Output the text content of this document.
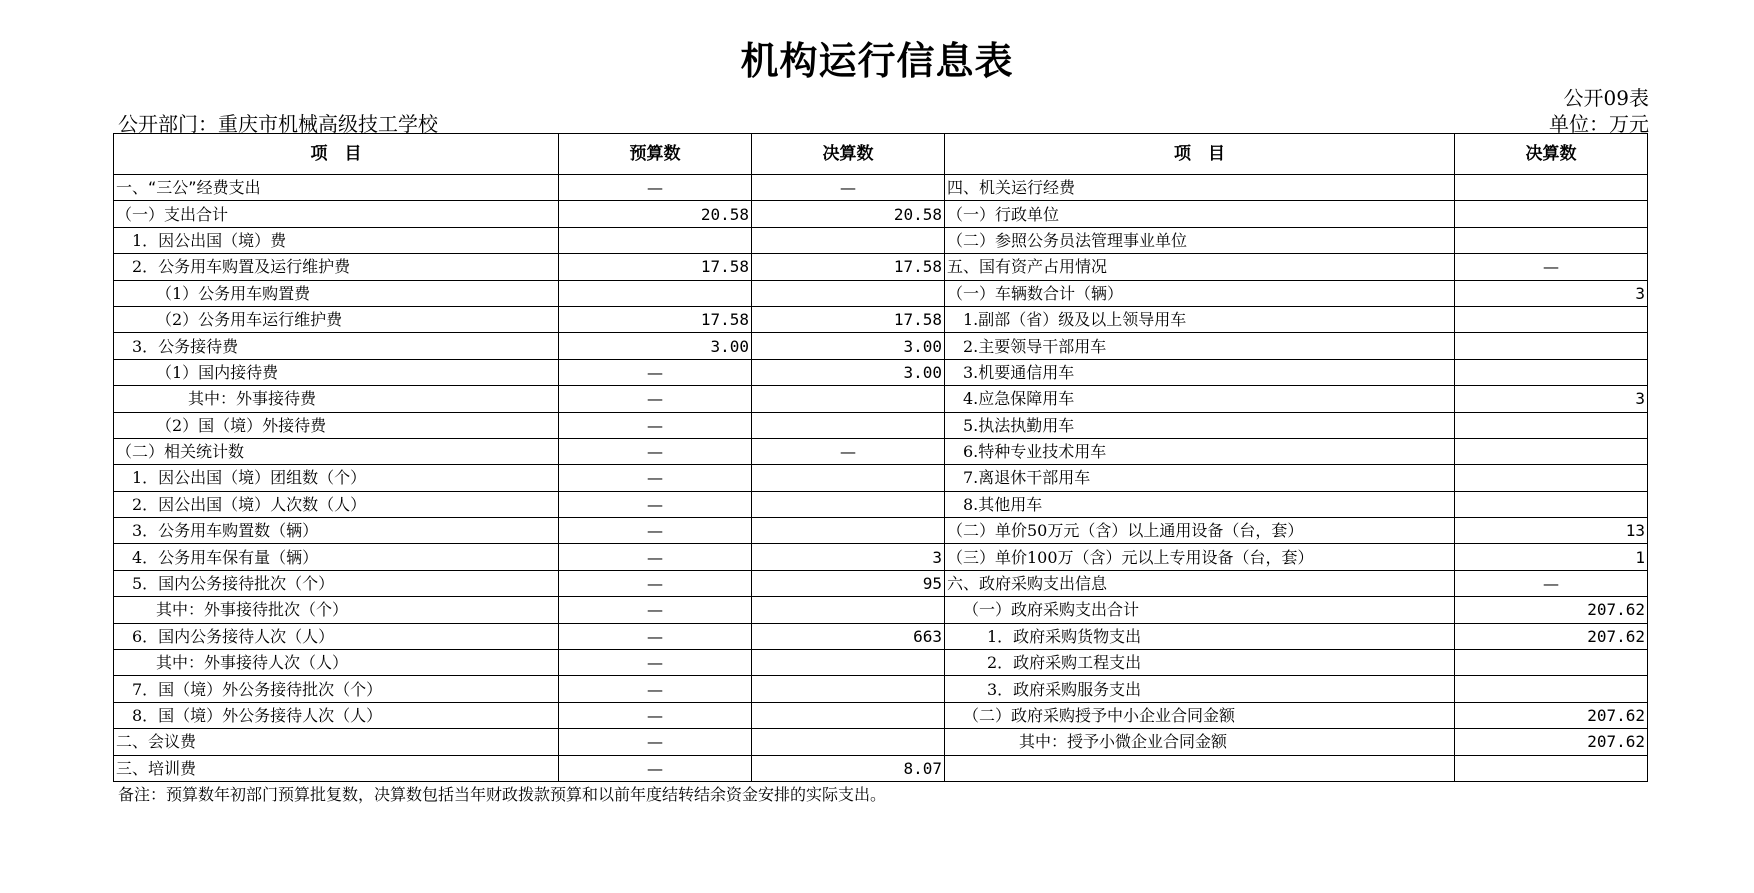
机构运行信息表
公开09表
公开部门：重庆市机械高级技工学校	单位：万元
项　目	预算数	决算数	项　目	决算数
一、“三公”经费支出	—	—	四、机关运行经费	
（一）支出合计	20.58	20.58	（一）行政单位	
1．因公出国（境）费			（二）参照公务员法管理事业单位	
2．公务用车购置及运行维护费	17.58	17.58	五、国有资产占用情况	—
（1）公务用车购置费			（一）车辆数合计（辆）	3
（2）公务用车运行维护费	17.58	17.58	1.副部（省）级及以上领导用车	
3．公务接待费	3.00	3.00	2.主要领导干部用车	
（1）国内接待费	—	3.00	3.机要通信用车	
其中：外事接待费	—		4.应急保障用车	3
（2）国（境）外接待费	—		5.执法执勤用车	
（二）相关统计数	—	—	6.特种专业技术用车	
1．因公出国（境）团组数（个）	—		7.离退休干部用车	
2．因公出国（境）人次数（人）	—		8.其他用车	
3．公务用车购置数（辆）	—		（二）单价50万元（含）以上通用设备（台，套）	13
4．公务用车保有量（辆）	—	3	（三）单价100万（含）元以上专用设备（台，套）	1
5．国内公务接待批次（个）	—	95	六、政府采购支出信息	—
其中：外事接待批次（个）	—		（一）政府采购支出合计	207.62
6．国内公务接待人次（人）	—	663	1．政府采购货物支出	207.62
其中：外事接待人次（人）	—		2．政府采购工程支出	
7．国（境）外公务接待批次（个）	—		3．政府采购服务支出	
8．国（境）外公务接待人次（人）	—		（二）政府采购授予中小企业合同金额	207.62
二、会议费	—		其中：授予小微企业合同金额	207.62
三、培训费	—	8.07		
备注：预算数年初部门预算批复数，决算数包括当年财政拨款预算和以前年度结转结余资金安排的实际支出。
